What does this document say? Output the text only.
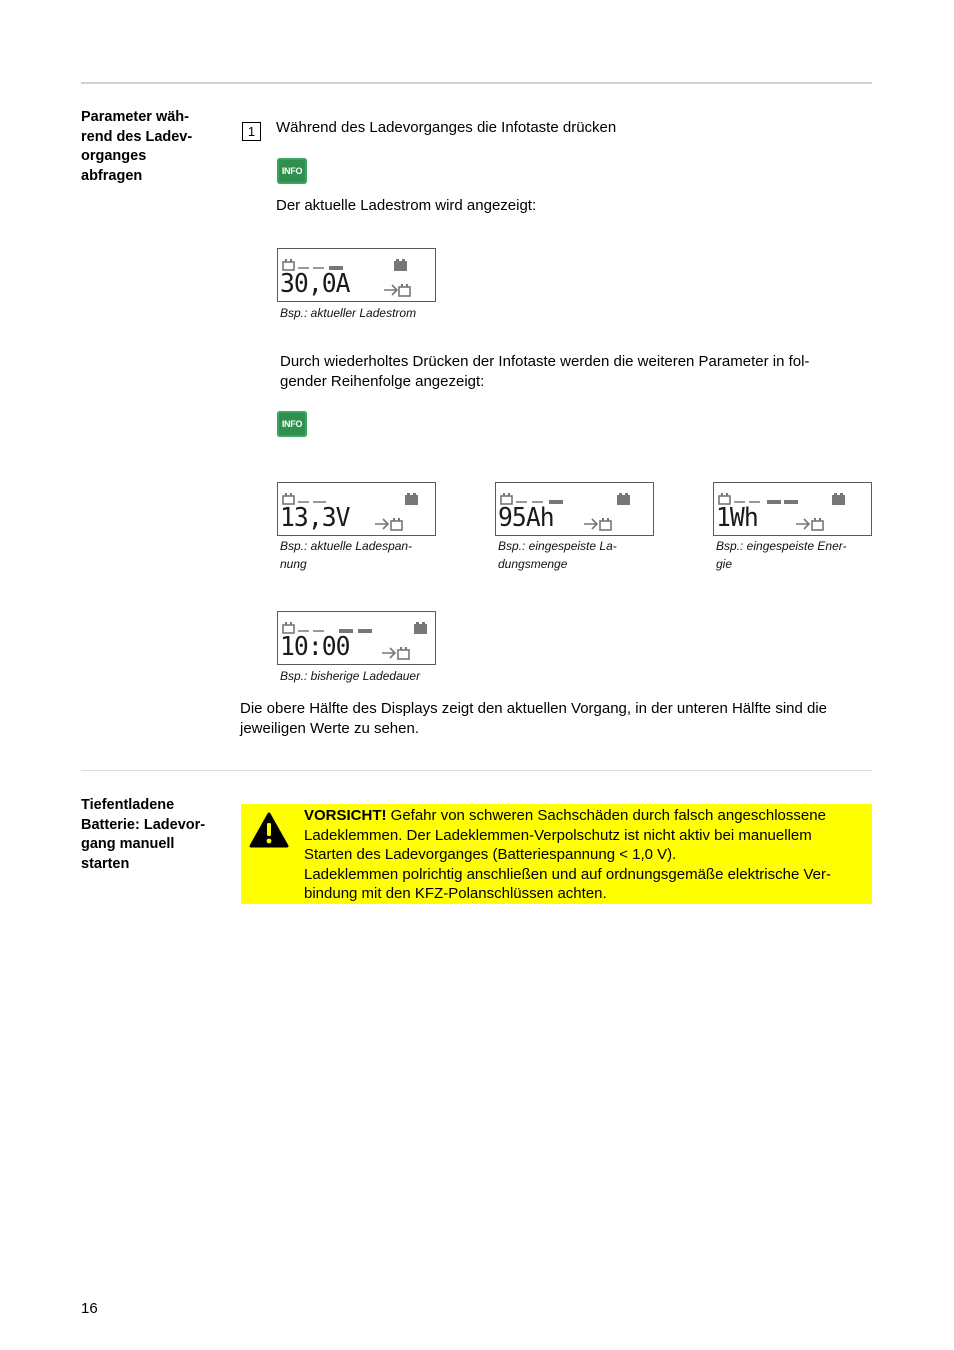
Parameter wäh-
rend des Ladev-
organges
abfragen
1	Während des Ladevorganges die Infotaste drücken
INFO
Der aktuelle Ladestrom wird angezeigt:
30,0A
Bsp.: aktueller Ladestrom
Durch wiederholtes Drücken der Infotaste werden die weiteren Parameter in fol-
gender Reihenfolge angezeigt:
INFO
13,3V
Bsp.: aktuelle Ladespan-
nung
95Ah
Bsp.: eingespeiste La-
dungsmenge
1Wh
Bsp.: eingespeiste Ener-
gie
10:00
Bsp.: bisherige Ladedauer
Die obere Hälfte des Displays zeigt den aktuellen Vorgang, in der unteren Hälfte sind die
jeweiligen Werte zu sehen.
Tiefentladene
Batterie: Ladevor-
gang manuell
starten
VORSICHT! Gefahr von schweren Sachschäden durch falsch angeschlossene
Ladeklemmen. Der Ladeklemmen-Verpolschutz ist nicht aktiv bei manuellem
Starten des Ladevorganges (Batteriespannung < 1,0 V).
Ladeklemmen polrichtig anschließen und auf ordnungsgemäße elektrische Ver-
bindung mit den KFZ-Polanschlüssen achten.
16
